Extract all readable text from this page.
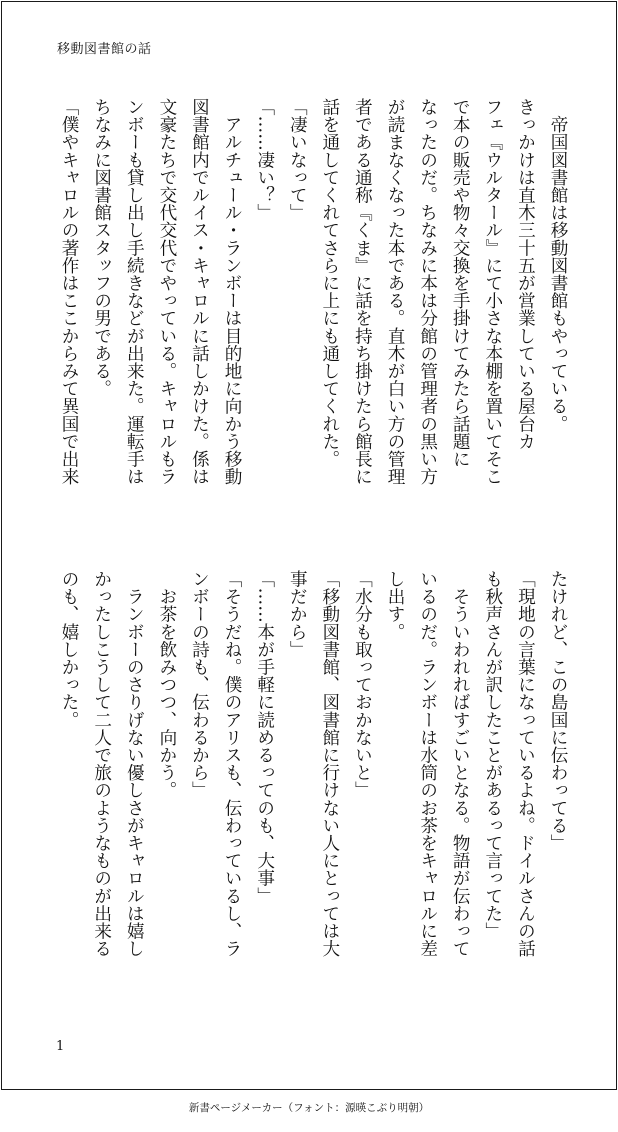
移動図書館の話

　帝国図書館は移動図書館もやっている。

きっかけは直木三十五が営業している屋台カ

フェ『ウルタール』にて小さな本棚を置いてそこ

で本の販売や物々交換を手掛けてみたら話題に

なったのだ。ちなみに本は分館の管理者の黒い方

が読まなくなった本である。直木が白い方の管理

者である通称『くま』に話を持ち掛けたら館長に

話を通してくれてさらに上にも通してくれた。

「凄いなって」

「……凄い？」

　アルチュール・ランボーは目的地に向かう移動

図書館内でルイス・キャロルに話しかけた。係は

文豪たちで交代交代でやっている。キャロルもラ

ンボーも貸し出し手続きなどが出来た。運転手は

ちなみに図書館スタッフの男である。

「僕やキャロルの著作はここからみて異国で出来

たけれど、この島国に伝わってる」

「現地の言葉になっているよね。ドイルさんの話

も秋声さんが訳したことがあるって言ってた」

　そういわれればすごいとなる。物語が伝わって

いるのだ。ランボーは水筒のお茶をキャロルに差

し出す。

「水分も取っておかないと」

「移動図書館、図書館に行けない人にとっては大

事だから」

「……本が手軽に読めるってのも、大事」

「そうだね。僕のアリスも、伝わっているし、ラ

ンボーの詩も、伝わるから」

　お茶を飲みつつ、向かう。

　ランボーのさりげない優しさがキャロルは嬉し

かったしこうして二人で旅のようなものが出来る

のも、嬉しかった。

1
新書ページメーカー（フォント：源暎こぶり明朝）
